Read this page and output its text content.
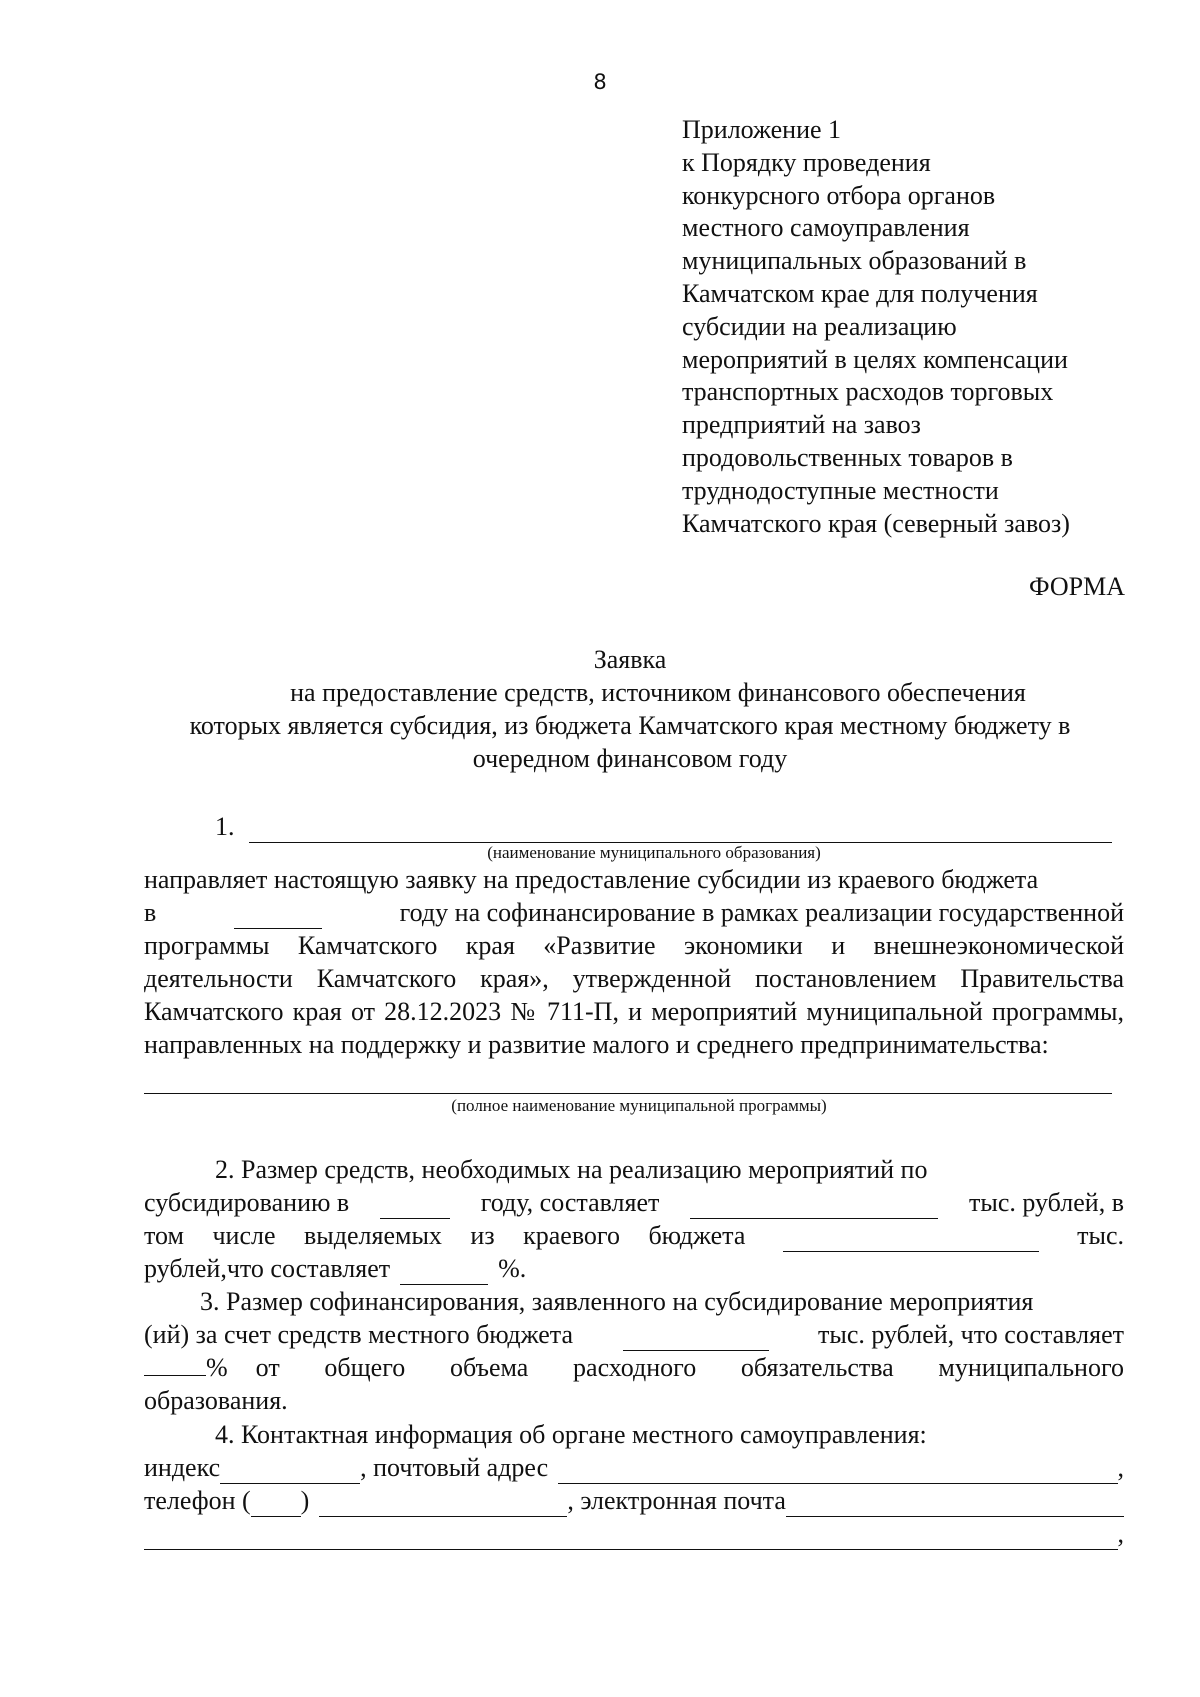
8
Приложение 1
к Порядку проведения
конкурсного отбора органов
местного самоуправления
муниципальных образований в
Камчатском крае для получения
субсидии на реализацию
мероприятий в целях компенсации
транспортных расходов торговых
предприятий на завоз
продовольственных товаров в
труднодоступные местности
Камчатского края (северный завоз)
ФОРМА
Заявка
на предоставление средств, источником финансового обеспечения
которых является субсидия, из бюджета Камчатского края местному бюджету в
очередном финансовом году
1.
(наименование муниципального образования)

направляет настоящую заявку на предоставление субсидии из краевого бюджета

в	году на софинансирование в рамках реализации государственной

программы Камчатского края «Развитие экономики и внешнеэкономической деятельности Камчатского края», утвержденной постановлением Правительства Камчатского края от 28.12.2023 № 711-П, и мероприятий муниципальной программы, направленных на поддержку и развитие малого и среднего предпринимательства:

(полное наименование муниципальной программы)

2. Размер средств, необходимых на реализацию мероприятий по

субсидированию в	году, составляет	тыс. рублей, в
том числе выделяемых из краевого бюджета	тыс.
рублей,что составляет	%.

3. Размер софинансирования, заявленного на субсидирование мероприятия

(ий) за счет средств местного бюджета	тыс. рублей, что составляет
% от общего объема расходного обязательства муниципального

образования.

4. Контактная информация об органе местного самоуправления:

индекс	, почтовый адрес	,
телефон ( )	, электронная почта
,
